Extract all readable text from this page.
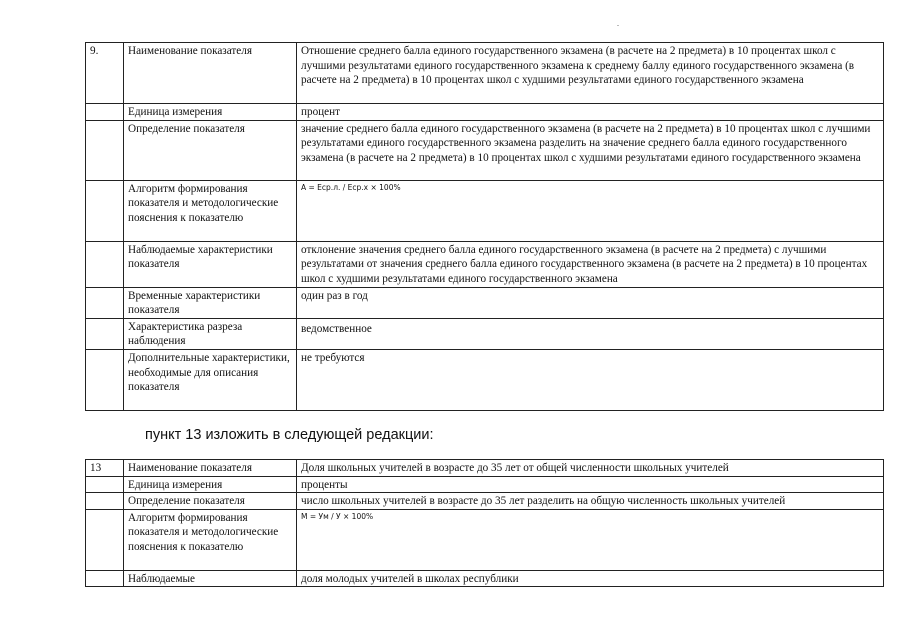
9.	Наименование показателя	Отношение среднего балла единого государственного экзамена (в расчете на 2 предмета) в 10 процентах школ с лучшими результатами единого государственного экзамена к среднему баллу единого государственного экзамена (в расчете на 2 предмета) в 10 процентах школ с худшими результатами единого государственного экзамена
	Единица измерения	процент
	Определение показателя	значение среднего балла единого государственного экзамена (в расчете на 2 предмета) в 10 процентах школ с лучшими результатами единого государственного экзамена разделить на значение среднего балла единого государственного экзамена (в расчете на 2 предмета) в 10 процентах школ с худшими результатами единого государственного экзамена
	Алгоритм формирования показателя и методологические пояснения к показателю	А = Еср.л. / Еср.х × 100%
	Наблюдаемые характеристики показателя	отклонение значения среднего балла единого государственного экзамена (в расчете на 2 предмета) с лучшими результатами от значения среднего балла единого государственного экзамена (в расчете на 2 предмета) в 10 процентах школ с худшими результатами единого государственного экзамена
	Временные характеристики показателя	один раз в год
	Характеристика разреза наблюдения	ведомственное
	Дополнительные характеристики, необходимые для описания показателя	не требуются
пункт 13 изложить в следующей редакции:
13	Наименование показателя	Доля школьных учителей в возрасте до 35 лет от общей численности школьных учителей
	Единица измерения	проценты
	Определение показателя	число школьных учителей в возрасте до 35 лет разделить на общую численность школьных учителей
	Алгоритм формирования показателя и методологические пояснения к показателю	М = Ум / У × 100%
	Наблюдаемые	доля молодых учителей в школах республики
